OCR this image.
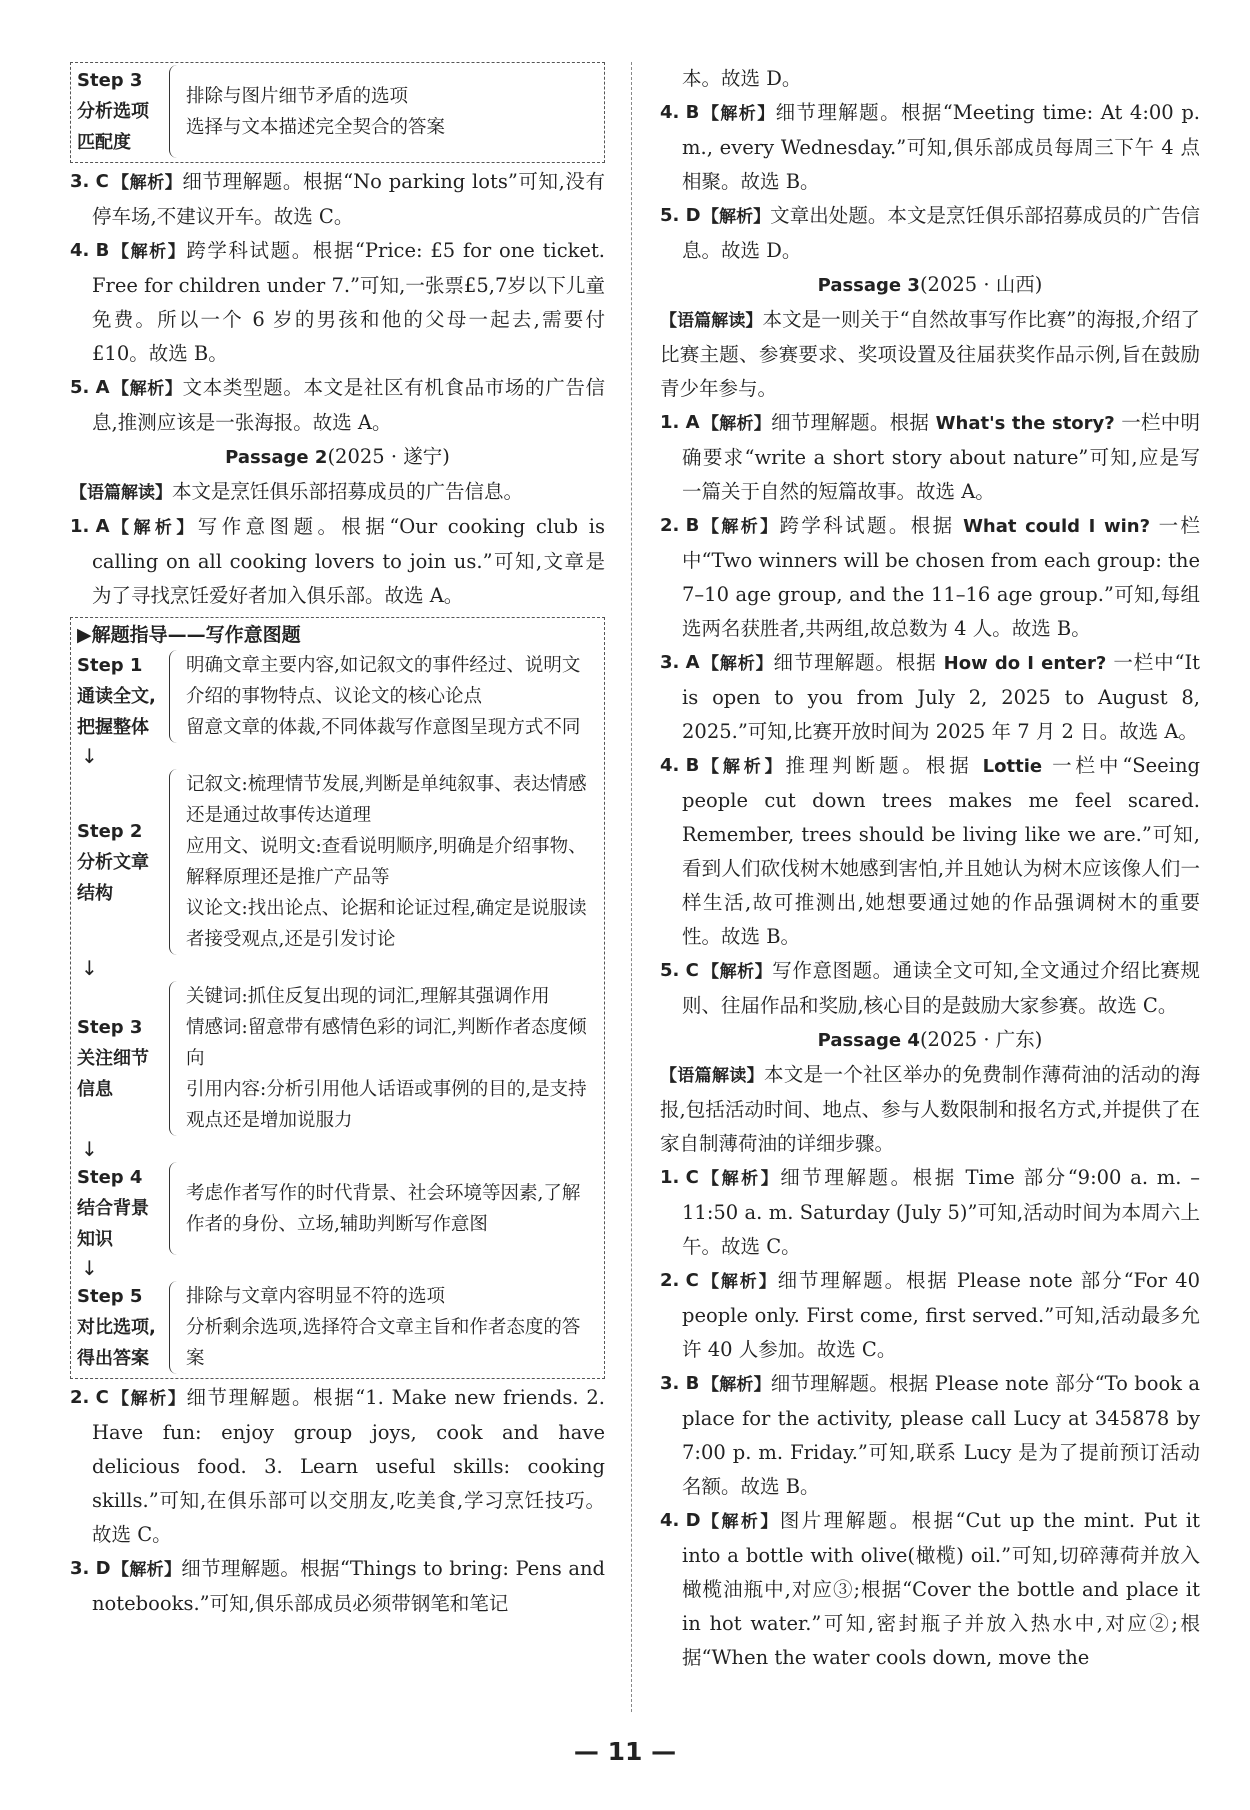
Step 3
分析选项
匹配度
排除与图片细节矛盾的选项
选择与文本描述完全契合的答案
3. C 【解析】细节理解题。根据“No parking lots”可知,没有停车场,不建议开车。故选 C。
4. B 【解析】跨学科试题。根据“Price: £5 for one ticket. Free for children under 7.”可知,一张票£5,7岁以下儿童免费。所以一个 6 岁的男孩和他的父母一起去,需要付£10。故选 B。
5. A 【解析】文本类型题。本文是社区有机食品市场的广告信息,推测应该是一张海报。故选 A。
Passage 2(2025 · 遂宁)
【语篇解读】本文是烹饪俱乐部招募成员的广告信息。
1. A 【解析】写作意图题。根据“Our cooking club is calling on all cooking lovers to join us.”可知,文章是为了寻找烹饪爱好者加入俱乐部。故选 A。
▶解题指导——写作意图题
Step 1
通读全文,
把握整体
明确文章主要内容,如记叙文的事件经过、说明文介绍的事物特点、议论文的核心论点
留意文章的体裁,不同体裁写作意图呈现方式不同
↓
Step 2
分析文章
结构
记叙文:梳理情节发展,判断是单纯叙事、表达情感还是通过故事传达道理
应用文、说明文:查看说明顺序,明确是介绍事物、解释原理还是推广产品等
议论文:找出论点、论据和论证过程,确定是说服读者接受观点,还是引发讨论
↓
Step 3
关注细节
信息
关键词:抓住反复出现的词汇,理解其强调作用
情感词:留意带有感情色彩的词汇,判断作者态度倾向
引用内容:分析引用他人话语或事例的目的,是支持观点还是增加说服力
↓
Step 4
结合背景
知识
考虑作者写作的时代背景、社会环境等因素,了解作者的身份、立场,辅助判断写作意图
↓
Step 5
对比选项,
得出答案
排除与文章内容明显不符的选项
分析剩余选项,选择符合文章主旨和作者态度的答案
2. C 【解析】细节理解题。根据“1. Make new friends. 2. Have fun: enjoy group joys, cook and have delicious food. 3. Learn useful skills: cooking skills.”可知,在俱乐部可以交朋友,吃美食,学习烹饪技巧。故选 C。
3. D 【解析】细节理解题。根据“Things to bring: Pens and notebooks.”可知,俱乐部成员必须带钢笔和笔记
本。故选 D。
4. B 【解析】细节理解题。根据“Meeting time: At 4:00 p. m., every Wednesday.”可知,俱乐部成员每周三下午 4 点相聚。故选 B。
5. D 【解析】文章出处题。本文是烹饪俱乐部招募成员的广告信息。故选 D。
Passage 3(2025 · 山西)
【语篇解读】本文是一则关于“自然故事写作比赛”的海报,介绍了比赛主题、参赛要求、奖项设置及往届获奖作品示例,旨在鼓励青少年参与。
1. A 【解析】细节理解题。根据 What's the story? 一栏中明确要求“write a short story about nature”可知,应是写一篇关于自然的短篇故事。故选 A。
2. B 【解析】跨学科试题。根据 What could I win? 一栏中“Two winners will be chosen from each group: the 7–10 age group, and the 11–16 age group.”可知,每组选两名获胜者,共两组,故总数为 4 人。故选 B。
3. A 【解析】细节理解题。根据 How do I enter? 一栏中“It is open to you from July 2, 2025 to August 8, 2025.”可知,比赛开放时间为 2025 年 7 月 2 日。故选 A。
4. B 【解析】推理判断题。根据 Lottie 一栏中“Seeing people cut down trees makes me feel scared. Remember, trees should be living like we are.”可知,看到人们砍伐树木她感到害怕,并且她认为树木应该像人们一样生活,故可推测出,她想要通过她的作品强调树木的重要性。故选 B。
5. C 【解析】写作意图题。通读全文可知,全文通过介绍比赛规则、往届作品和奖励,核心目的是鼓励大家参赛。故选 C。
Passage 4(2025 · 广东)
【语篇解读】本文是一个社区举办的免费制作薄荷油的活动的海报,包括活动时间、地点、参与人数限制和报名方式,并提供了在家自制薄荷油的详细步骤。
1. C 【解析】细节理解题。根据 Time 部分“9:00 a. m. – 11:50 a. m. Saturday (July 5)”可知,活动时间为本周六上午。故选 C。
2. C 【解析】细节理解题。根据 Please note 部分“For 40 people only. First come, first served.”可知,活动最多允许 40 人参加。故选 C。
3. B 【解析】细节理解题。根据 Please note 部分“To book a place for the activity, please call Lucy at 345878 by 7:00 p. m. Friday.”可知,联系 Lucy 是为了提前预订活动名额。故选 B。
4. D 【解析】图片理解题。根据“Cut up the mint. Put it into a bottle with olive(橄榄) oil.”可知,切碎薄荷并放入橄榄油瓶中,对应③;根据“Cover the bottle and place it in hot water.”可知,密封瓶子并放入热水中,对应②;根据“When the water cools down, move the
— 11 —
